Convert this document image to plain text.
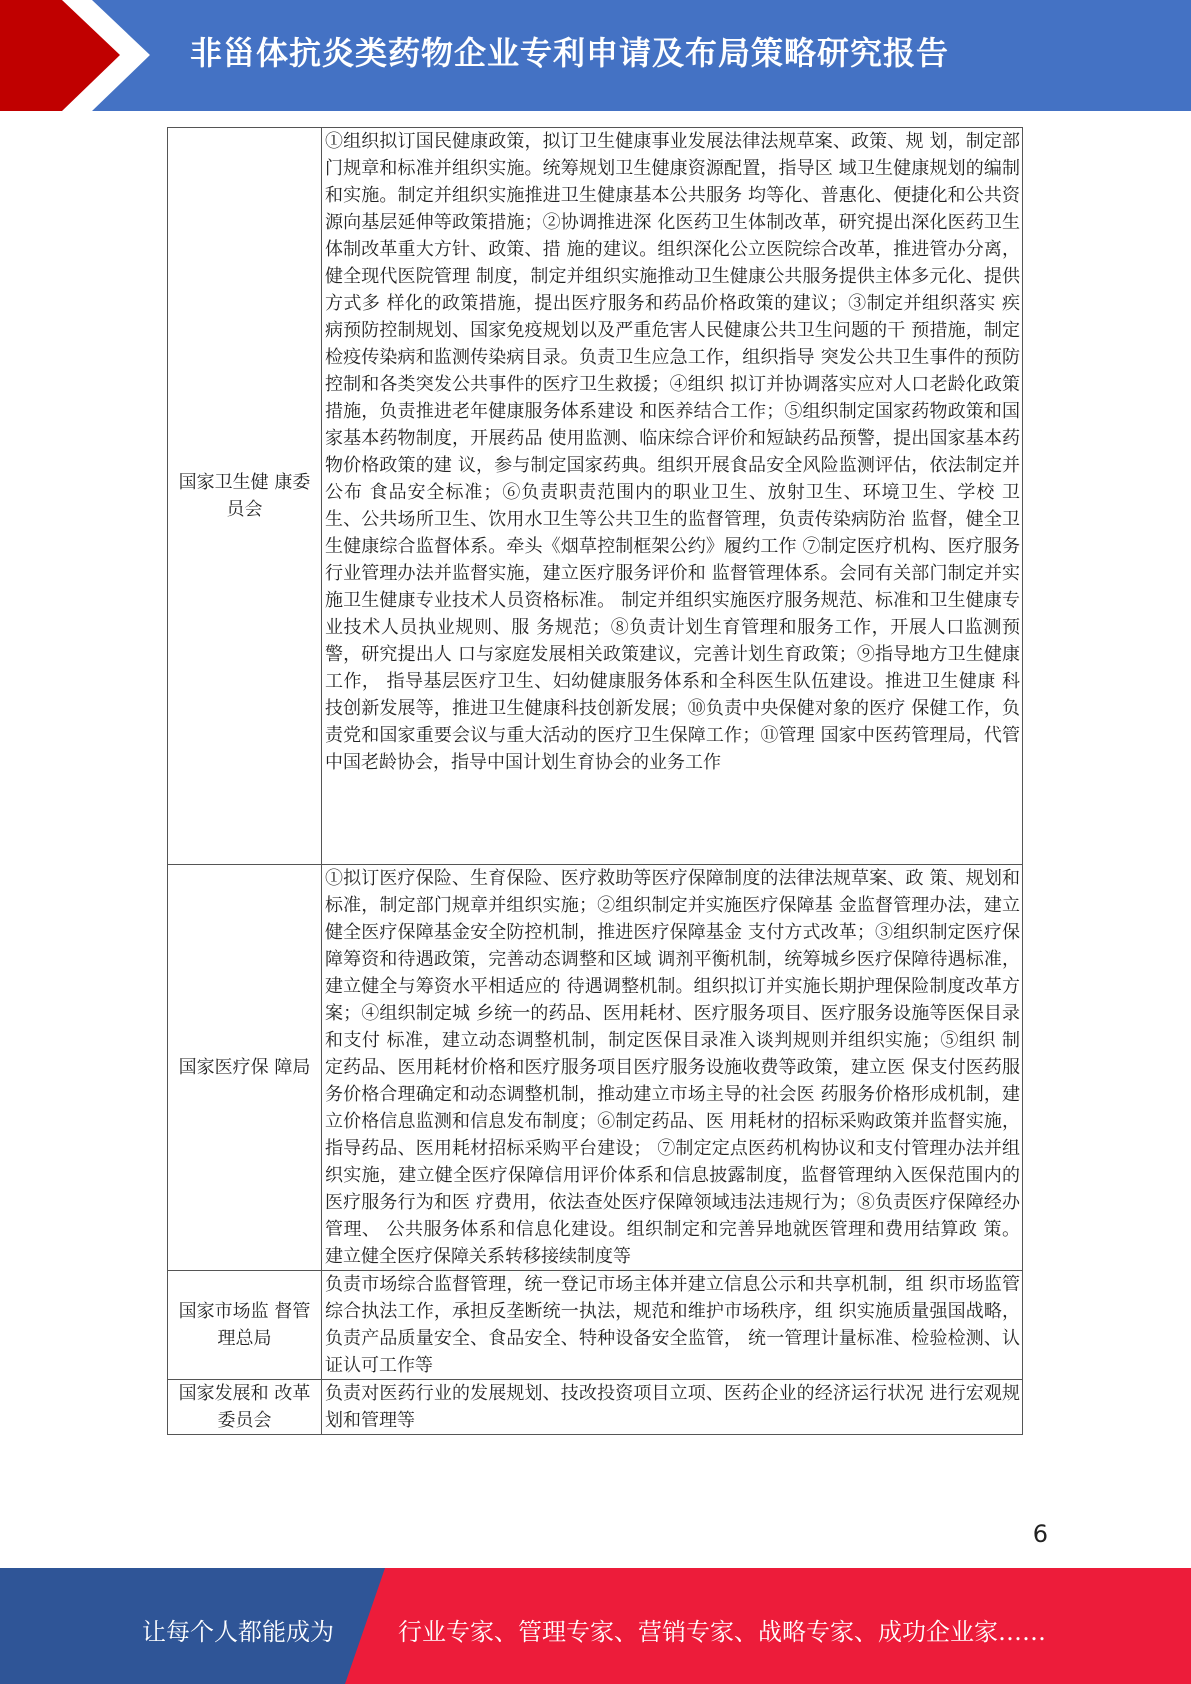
非甾体抗炎类药物企业专利申请及布局策略研究报告
国家卫生健 康委员会	①组织拟订国民健康政策，拟订卫生健康事业发展法律法规草案、政策、规 划，制定部门规章和标准并组织实施。统筹规划卫生健康资源配置，指导区 域卫生健康规划的编制和实施。制定并组织实施推进卫生健康基本公共服务 均等化、普惠化、便捷化和公共资源向基层延伸等政策措施；②协调推进深 化医药卫生体制改革，研究提出深化医药卫生体制改革重大方针、政策、措 施的建议。组织深化公立医院综合改革，推进管办分离，健全现代医院管理 制度，制定并组织实施推动卫生健康公共服务提供主体多元化、提供方式多 样化的政策措施，提出医疗服务和药品价格政策的建议；③制定并组织落实 疾病预防控制规划、国家免疫规划以及严重危害人民健康公共卫生问题的干 预措施，制定检疫传染病和监测传染病目录。负责卫生应急工作，组织指导 突发公共卫生事件的预防控制和各类突发公共事件的医疗卫生救援；④组织 拟订并协调落实应对人口老龄化政策措施，负责推进老年健康服务体系建设 和医养结合工作；⑤组织制定国家药物政策和国家基本药物制度，开展药品 使用监测、临床综合评价和短缺药品预警，提出国家基本药物价格政策的建 议，参与制定国家药典。组织开展食品安全风险监测评估，依法制定并公布 食品安全标准；⑥负责职责范围内的职业卫生、放射卫生、环境卫生、学校 卫生、公共场所卫生、饮用水卫生等公共卫生的监督管理，负责传染病防治 监督，健全卫生健康综合监督体系。牵头《烟草控制框架公约》履约工作 ⑦制定医疗机构、医疗服务行业管理办法并监督实施，建立医疗服务评价和 监督管理体系。会同有关部门制定并实施卫生健康专业技术人员资格标准。 制定并组织实施医疗服务规范、标准和卫生健康专业技术人员执业规则、服 务规范；⑧负责计划生育管理和服务工作，开展人口监测预警，研究提出人 口与家庭发展相关政策建议，完善计划生育政策；⑨指导地方卫生健康工作， 指导基层医疗卫生、妇幼健康服务体系和全科医生队伍建设。推进卫生健康 科技创新发展等，推进卫生健康科技创新发展；⑩负责中央保健对象的医疗 保健工作，负责党和国家重要会议与重大活动的医疗卫生保障工作；⑪管理 国家中医药管理局，代管中国老龄协会，指导中国计划生育协会的业务工作
国家医疗保 障局	①拟订医疗保险、生育保险、医疗救助等医疗保障制度的法律法规草案、政 策、规划和标准，制定部门规章并组织实施；②组织制定并实施医疗保障基 金监督管理办法，建立健全医疗保障基金安全防控机制，推进医疗保障基金 支付方式改革；③组织制定医疗保障筹资和待遇政策，完善动态调整和区域 调剂平衡机制，统筹城乡医疗保障待遇标准，建立健全与筹资水平相适应的 待遇调整机制。组织拟订并实施长期护理保险制度改革方案；④组织制定城 乡统一的药品、医用耗材、医疗服务项目、医疗服务设施等医保目录和支付 标准，建立动态调整机制，制定医保目录准入谈判规则并组织实施；⑤组织 制定药品、医用耗材价格和医疗服务项目医疗服务设施收费等政策，建立医 保支付医药服务价格合理确定和动态调整机制，推动建立市场主导的社会医 药服务价格形成机制，建立价格信息监测和信息发布制度；⑥制定药品、医 用耗材的招标采购政策并监督实施，指导药品、医用耗材招标采购平台建设； ⑦制定定点医药机构协议和支付管理办法并组织实施，建立健全医疗保障信用评价体系和信息披露制度，监督管理纳入医保范围内的医疗服务行为和医 疗费用，依法查处医疗保障领域违法违规行为；⑧负责医疗保障经办管理、 公共服务体系和信息化建设。组织制定和完善异地就医管理和费用结算政 策。建立健全医疗保障关系转移接续制度等
国家市场监 督管理总局	负责市场综合监督管理，统一登记市场主体并建立信息公示和共享机制，组 织市场监管综合执法工作，承担反垄断统一执法，规范和维护市场秩序，组 织实施质量强国战略，负责产品质量安全、食品安全、特种设备安全监管， 统一管理计量标准、检验检测、认证认可工作等
国家发展和 改革委员会	负责对医药行业的发展规划、技改投资项目立项、医药企业的经济运行状况 进行宏观规划和管理等
6
让每个人都能成为	行业专家、管理专家、营销专家、战略专家、成功企业家……
